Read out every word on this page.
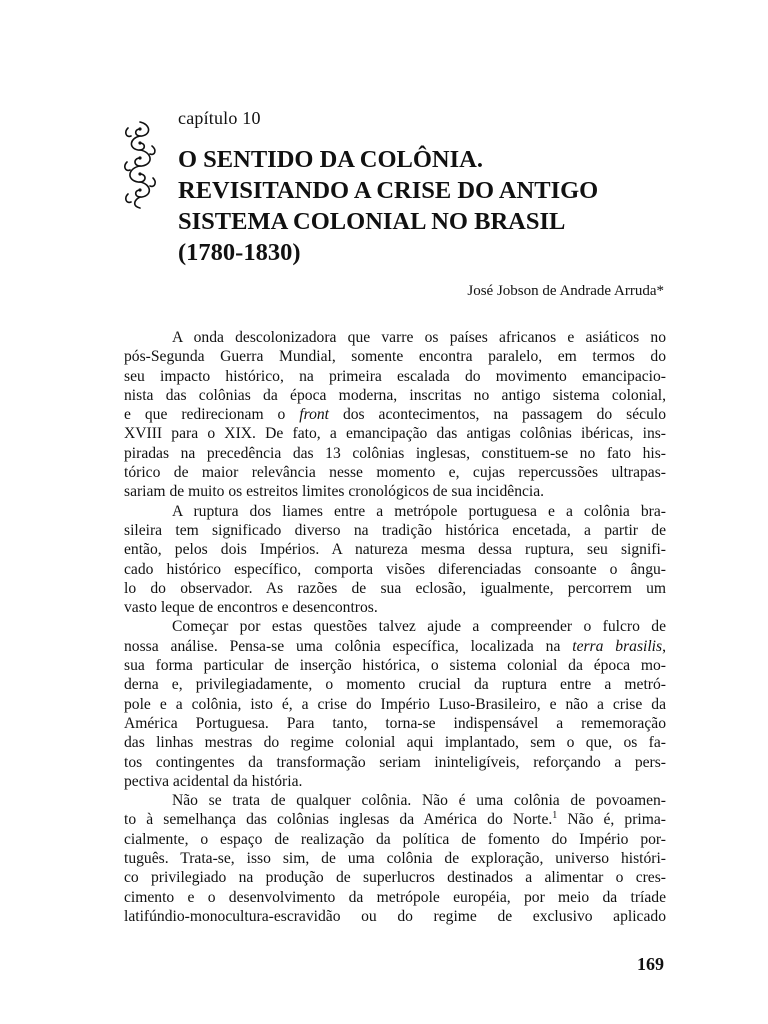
capítulo 10
O SENTIDO DA COLÔNIA.
REVISITANDO A CRISE DO ANTIGO
SISTEMA COLONIAL NO BRASIL
(1780-1830)
José Jobson de Andrade Arruda*
A onda descolonizadora que varre os países africanos e asiáticos no
pós-Segunda Guerra Mundial, somente encontra paralelo, em termos do
seu impacto histórico, na primeira escalada do movimento emancipacio-
nista das colônias da época moderna, inscritas no antigo sistema colonial,
e que redirecionam o front dos acontecimentos, na passagem do século
XVIII para o XIX. De fato, a emancipação das antigas colônias ibéricas, ins-
piradas na precedência das 13 colônias inglesas, constituem-se no fato his-
tórico de maior relevância nesse momento e, cujas repercussões ultrapas-
sariam de muito os estreitos limites cronológicos de sua incidência.
A ruptura dos liames entre a metrópole portuguesa e a colônia bra-
sileira tem significado diverso na tradição histórica encetada, a partir de
então, pelos dois Impérios. A natureza mesma dessa ruptura, seu signifi-
cado histórico específico, comporta visões diferenciadas consoante o ângu-
lo do observador. As razões de sua eclosão, igualmente, percorrem um
vasto leque de encontros e desencontros.
Começar por estas questões talvez ajude a compreender o fulcro de
nossa análise. Pensa-se uma colônia específica, localizada na terra brasilis,
sua forma particular de inserção histórica, o sistema colonial da época mo-
derna e, privilegiadamente, o momento crucial da ruptura entre a metró-
pole e a colônia, isto é, a crise do Império Luso-Brasileiro, e não a crise da
América Portuguesa. Para tanto, torna-se indispensável a rememoração
das linhas mestras do regime colonial aqui implantado, sem o que, os fa-
tos contingentes da transformação seriam ininteligíveis, reforçando a pers-
pectiva acidental da história.
Não se trata de qualquer colônia. Não é uma colônia de povoamen-
to à semelhança das colônias inglesas da América do Norte.$^1$ Não é, prima-
cialmente, o espaço de realização da política de fomento do Império por-
tuguês. Trata-se, isso sim, de uma colônia de exploração, universo históri-
co privilegiado na produção de superlucros destinados a alimentar o cres-
cimento e o desenvolvimento da metrópole européia, por meio da tríade
latifúndio-monocultura-escravidão ou do regime de exclusivo aplicado
169
